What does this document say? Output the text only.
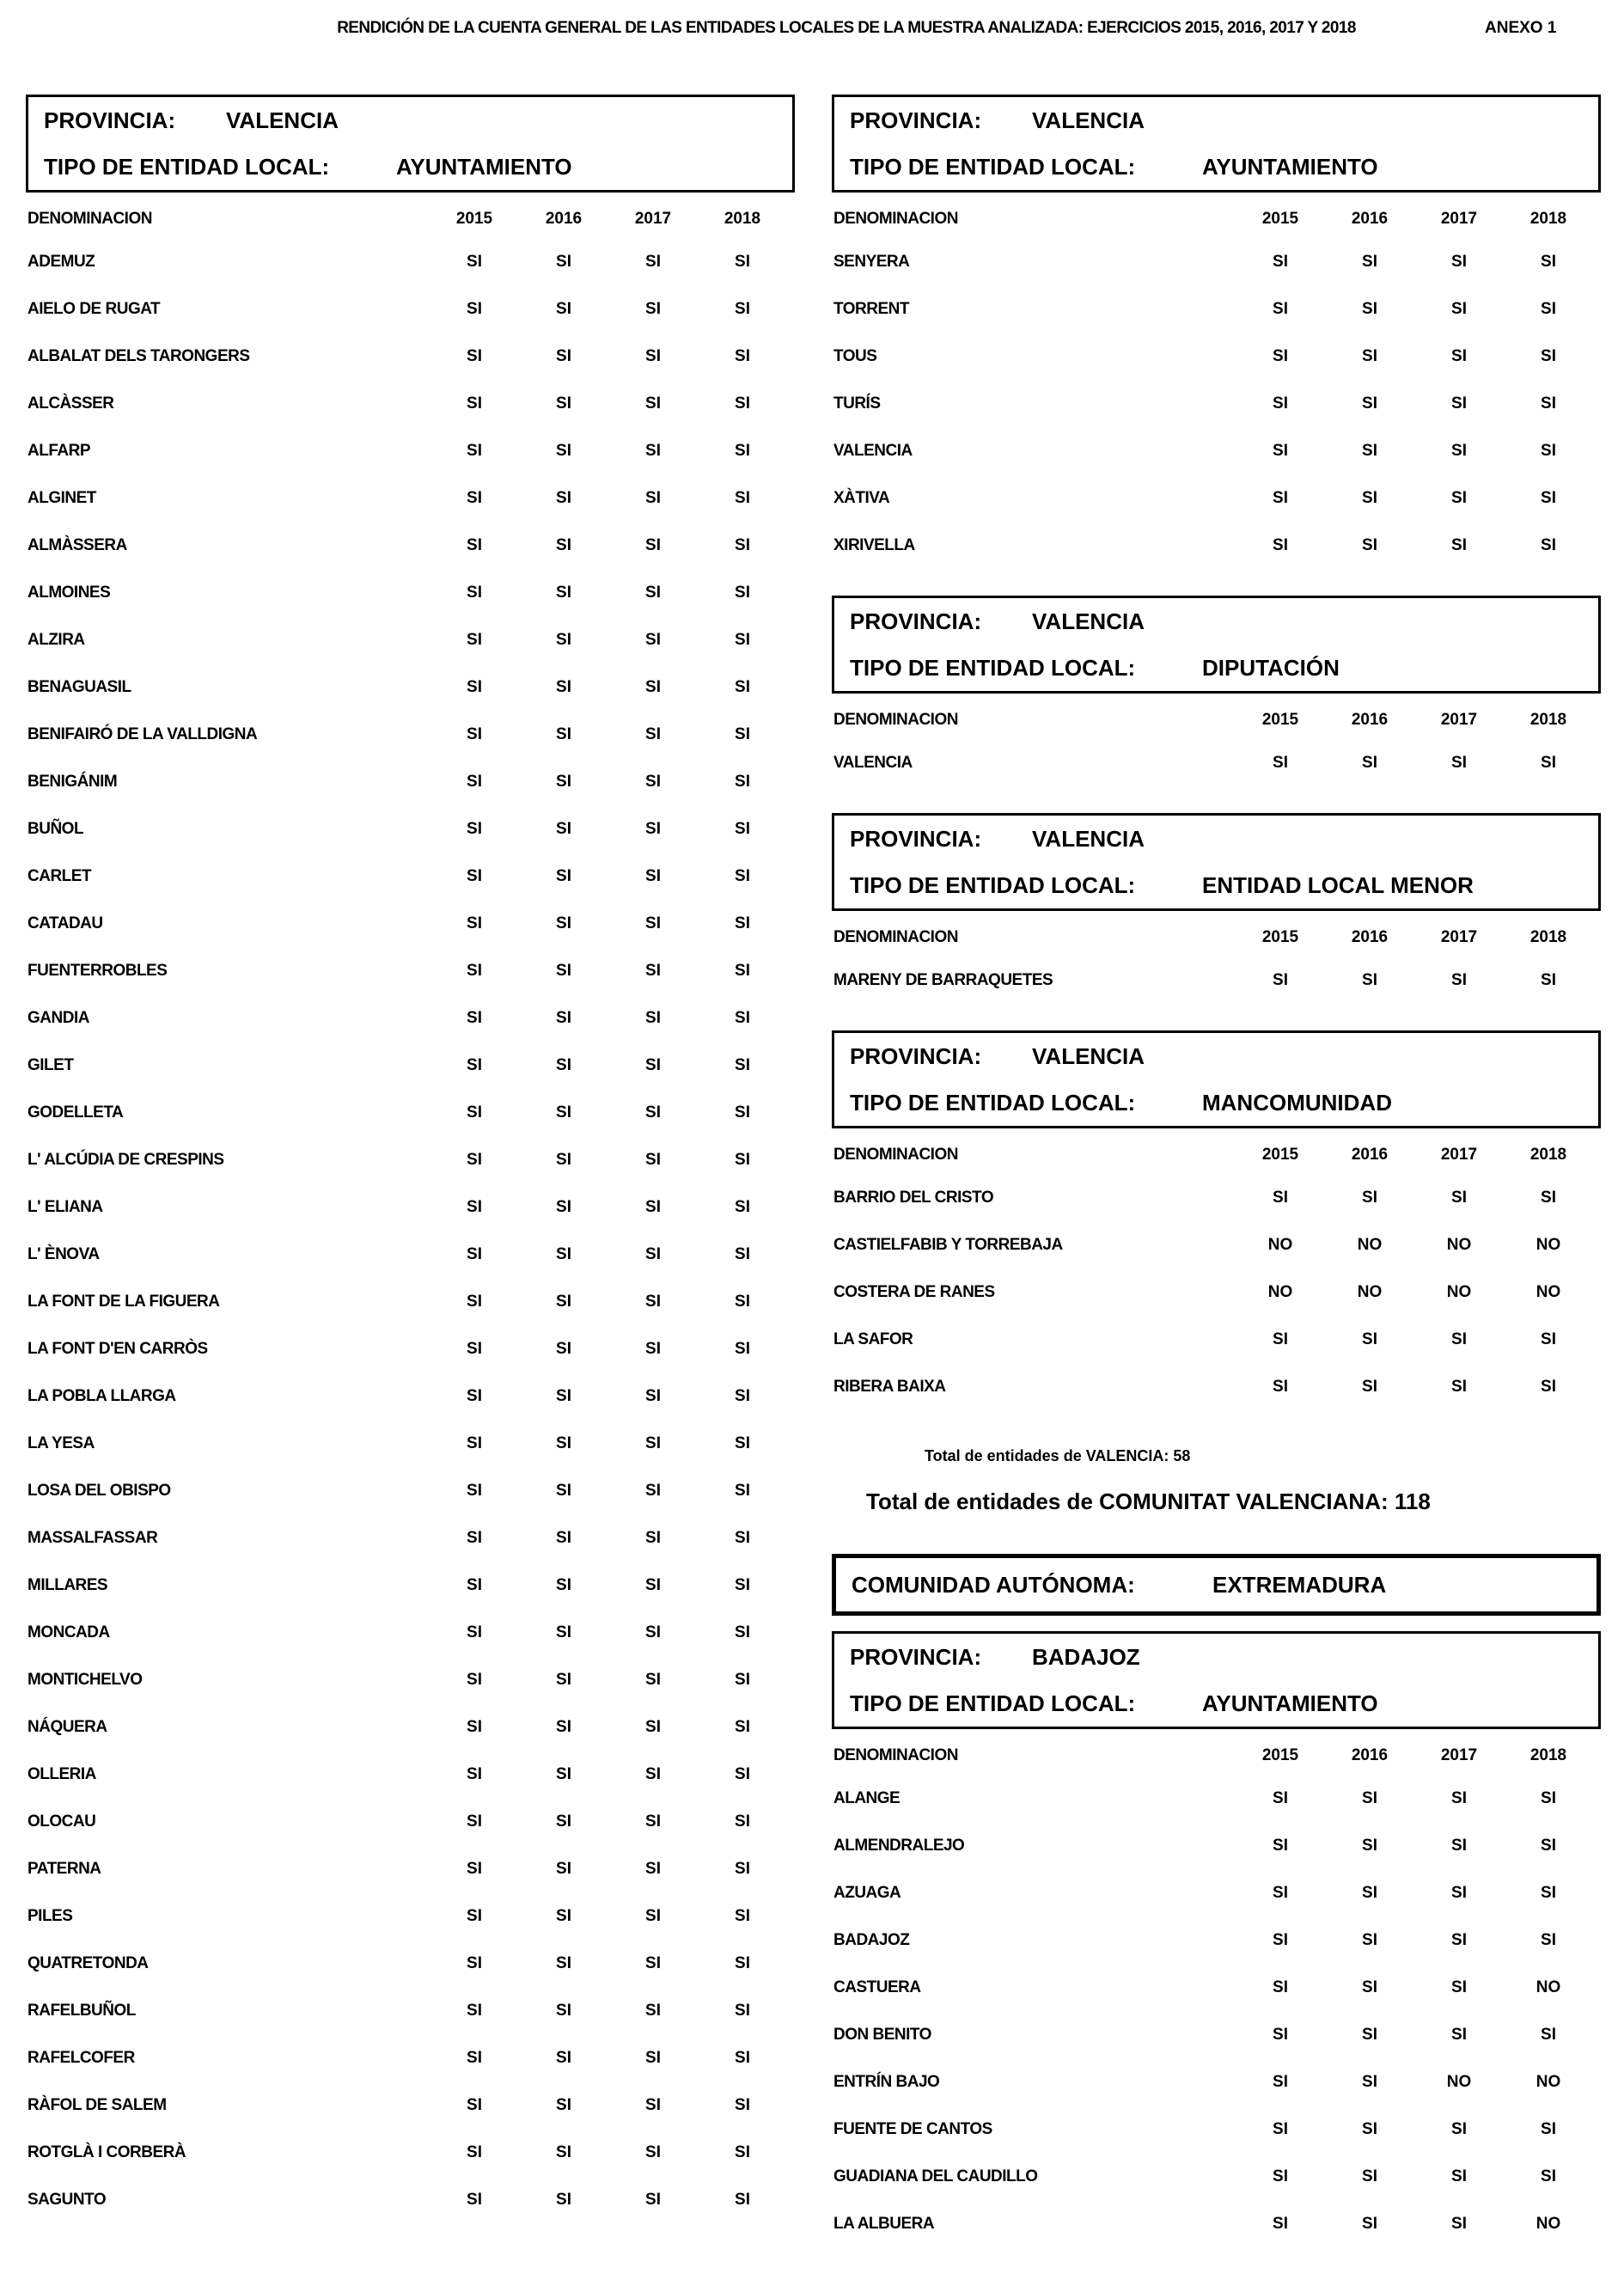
RENDICIÓN DE LA CUENTA GENERAL DE LAS ENTIDADES LOCALES DE LA MUESTRA ANALIZADA: EJERCICIOS 2015, 2016, 2017 Y 2018	ANEXO 1
PROVINCIA: VALENCIA
TIPO DE ENTIDAD LOCAL:	AYUNTAMIENTO
DENOMINACION	2015	2016	2017	2018
ADEMUZ	SI	SI	SI	SI
AIELO DE RUGAT	SI	SI	SI	SI
ALBALAT DELS TARONGERS	SI	SI	SI	SI
ALCÀSSER	SI	SI	SI	SI
ALFARP	SI	SI	SI	SI
ALGINET	SI	SI	SI	SI
ALMÀSSERA	SI	SI	SI	SI
ALMOINES	SI	SI	SI	SI
ALZIRA	SI	SI	SI	SI
BENAGUASIL	SI	SI	SI	SI
BENIFAIRÓ DE LA VALLDIGNA	SI	SI	SI	SI
BENIGÁNIM	SI	SI	SI	SI
BUÑOL	SI	SI	SI	SI
CARLET	SI	SI	SI	SI
CATADAU	SI	SI	SI	SI
FUENTERROBLES	SI	SI	SI	SI
GANDIA	SI	SI	SI	SI
GILET	SI	SI	SI	SI
GODELLETA	SI	SI	SI	SI
L' ALCÚDIA DE CRESPINS	SI	SI	SI	SI
L' ELIANA	SI	SI	SI	SI
L' ÈNOVA	SI	SI	SI	SI
LA FONT DE LA FIGUERA	SI	SI	SI	SI
LA FONT D'EN CARRÒS	SI	SI	SI	SI
LA POBLA LLARGA	SI	SI	SI	SI
LA YESA	SI	SI	SI	SI
LOSA DEL OBISPO	SI	SI	SI	SI
MASSALFASSAR	SI	SI	SI	SI
MILLARES	SI	SI	SI	SI
MONCADA	SI	SI	SI	SI
MONTICHELVO	SI	SI	SI	SI
NÁQUERA	SI	SI	SI	SI
OLLERIA	SI	SI	SI	SI
OLOCAU	SI	SI	SI	SI
PATERNA	SI	SI	SI	SI
PILES	SI	SI	SI	SI
QUATRETONDA	SI	SI	SI	SI
RAFELBUÑOL	SI	SI	SI	SI
RAFELCOFER	SI	SI	SI	SI
RÀFOL DE SALEM	SI	SI	SI	SI
ROTGLÀ I CORBERÀ	SI	SI	SI	SI
SAGUNTO	SI	SI	SI	SI
PROVINCIA: VALENCIA
TIPO DE ENTIDAD LOCAL:	AYUNTAMIENTO
DENOMINACION	2015	2016	2017	2018
SENYERA	SI	SI	SI	SI
TORRENT	SI	SI	SI	SI
TOUS	SI	SI	SI	SI
TURÍS	SI	SI	SI	SI
VALENCIA	SI	SI	SI	SI
XÀTIVA	SI	SI	SI	SI
XIRIVELLA	SI	SI	SI	SI
PROVINCIA: VALENCIA
TIPO DE ENTIDAD LOCAL:	DIPUTACIÓN
DENOMINACION	2015	2016	2017	2018
VALENCIA	SI	SI	SI	SI
PROVINCIA: VALENCIA
TIPO DE ENTIDAD LOCAL:	ENTIDAD LOCAL MENOR
DENOMINACION	2015	2016	2017	2018
MARENY DE BARRAQUETES	SI	SI	SI	SI
PROVINCIA: VALENCIA
TIPO DE ENTIDAD LOCAL:	MANCOMUNIDAD
DENOMINACION	2015	2016	2017	2018
BARRIO DEL CRISTO	SI	SI	SI	SI
CASTIELFABIB Y TORREBAJA	NO	NO	NO	NO
COSTERA DE RANES	NO	NO	NO	NO
LA SAFOR	SI	SI	SI	SI
RIBERA BAIXA	SI	SI	SI	SI
Total de entidades de VALENCIA: 58
Total de entidades de COMUNITAT VALENCIANA: 118
COMUNIDAD AUTÓNOMA:	EXTREMADURA
PROVINCIA: BADAJOZ
TIPO DE ENTIDAD LOCAL:	AYUNTAMIENTO
DENOMINACION	2015	2016	2017	2018
ALANGE	SI	SI	SI	SI
ALMENDRALEJO	SI	SI	SI	SI
AZUAGA	SI	SI	SI	SI
BADAJOZ	SI	SI	SI	SI
CASTUERA	SI	SI	SI	NO
DON BENITO	SI	SI	SI	SI
ENTRÍN BAJO	SI	SI	NO	NO
FUENTE DE CANTOS	SI	SI	SI	SI
GUADIANA DEL CAUDILLO	SI	SI	SI	SI
LA ALBUERA	SI	SI	SI	NO
